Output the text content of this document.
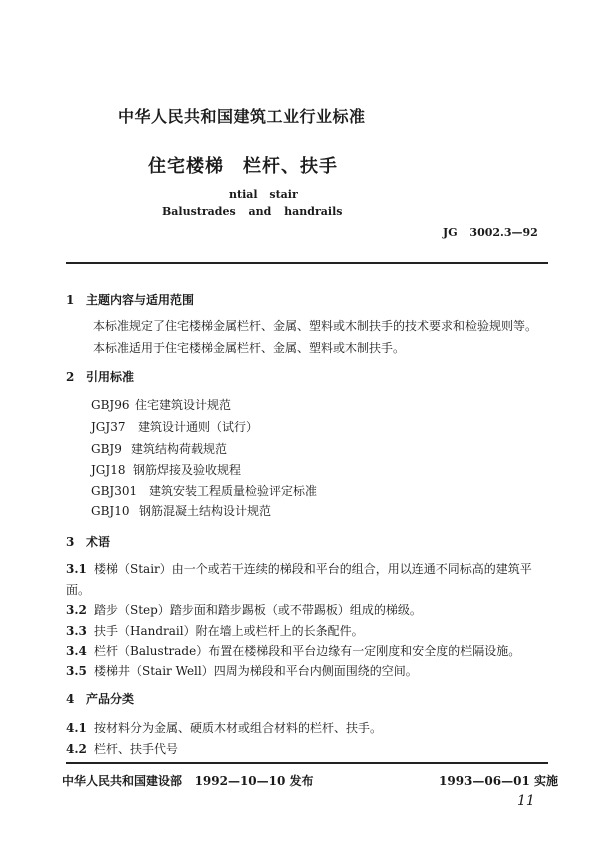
中华人民共和国建筑工业行业标准
住宅楼梯　栏杆、扶手
ntial stair
Balustrades and handrails
JG 3002.3—92
1 主题内容与适用范围
本标准规定了住宅楼梯金属栏杆、金属、塑料或木制扶手的技术要求和检验规则等。
本标准适用于住宅楼梯金属栏杆、金属、塑料或木制扶手。
2 引用标准
GBJ96 住宅建筑设计规范
JGJ37 建筑设计通则（试行）
GBJ9 建筑结构荷载规范
JGJ18 钢筋焊接及验收规程
GBJ301 建筑安装工程质量检验评定标准
GBJ10 钢筋混凝土结构设计规范
3 术语
3.1 楼梯（Stair）由一个或若干连续的梯段和平台的组合，用以连通不同标高的建筑平
面。
3.2 踏步（Step）踏步面和踏步踢板（或不带踢板）组成的梯级。
3.3 扶手（Handrail）附在墙上或栏杆上的长条配件。
3.4 栏杆（Balustrade）布置在楼梯段和平台边缘有一定刚度和安全度的栏隔设施。
3.5 楼梯井（Stair Well）四周为梯段和平台内侧面围绕的空间。
4 产品分类
4.1 按材料分为金属、硬质木材或组合材料的栏杆、扶手。
4.2 栏杆、扶手代号
中华人民共和国建设部 1992—10—10 发布	1993—06—01 实施
11
